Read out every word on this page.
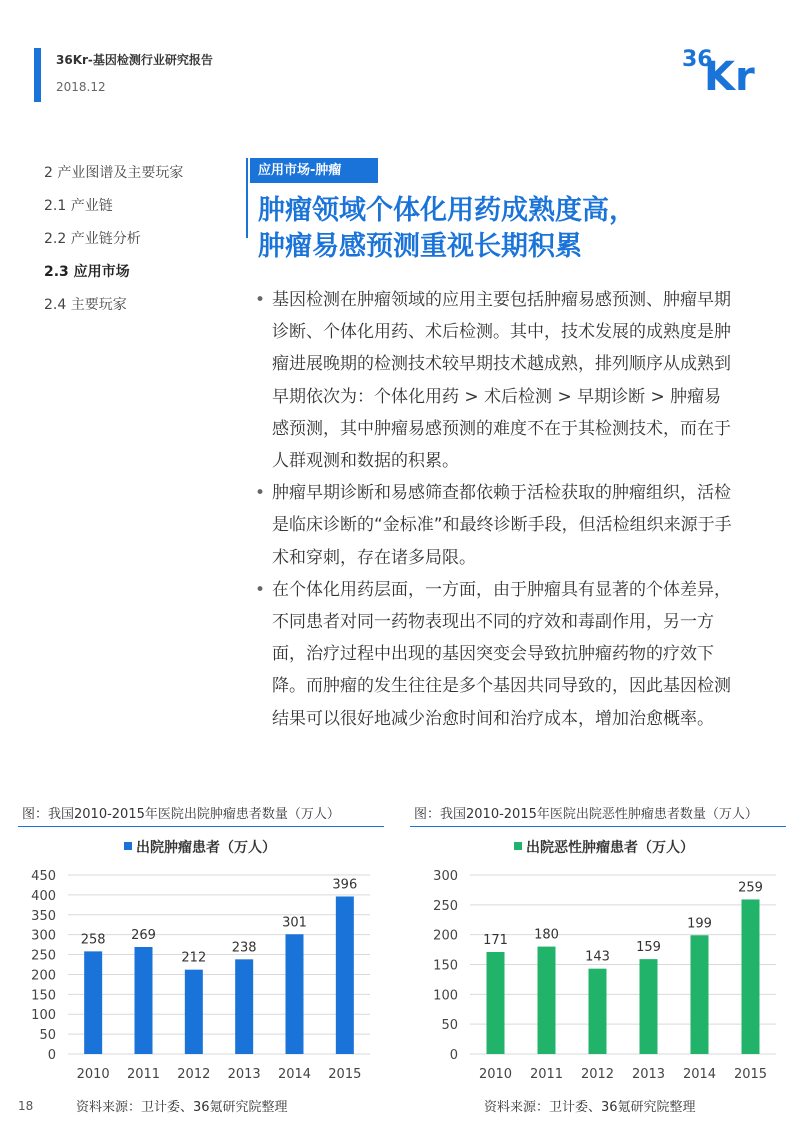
36Kr-基因检测行业研究报告
2018.12
36
Kr
2 产业图谱及主要玩家
2.1 产业链
2.2 产业链分析
2.3 应用市场
2.4 主要玩家
应用市场-肿瘤
肿瘤领域个体化用药成熟度高，
肿瘤易感预测重视长期积累
• 基因检测在肿瘤领域的应用主要包括肿瘤易感预测、肿瘤早期诊断、个体化用药、术后检测。其中，技术发展的成熟度是肿瘤进展晚期的检测技术较早期技术越成熟，排列顺序从成熟到早期依次为：个体化用药 > 术后检测 > 早期诊断 > 肿瘤易感预测，其中肿瘤易感预测的难度不在于其检测技术，而在于人群观测和数据的积累。
• 肿瘤早期诊断和易感筛查都依赖于活检获取的肿瘤组织，活检是临床诊断的“金标准”和最终诊断手段，但活检组织来源于手术和穿刺，存在诸多局限。
• 在个体化用药层面，一方面，由于肿瘤具有显著的个体差异，不同患者对同一药物表现出不同的疗效和毒副作用，另一方面，治疗过程中出现的基因突变会导致抗肿瘤药物的疗效下降。而肿瘤的发生往往是多个基因共同导致的，因此基因检测结果可以很好地减少治愈时间和治疗成本，增加治愈概率。
图：我国2010-2015年医院出院肿瘤患者数量（万人）
0
50
100
150
200
250
300
350
400
450
出院肿瘤患者（万人）
258
2010
269
2011
212
2012
238
2013
301
2014
396
2015
资料来源：卫计委、36氪研究院整理
图：我国2010-2015年医院出院恶性肿瘤患者数量（万人）
0
50
100
150
200
250
300
出院恶性肿瘤患者（万人）
171
2010
180
2011
143
2012
159
2013
199
2014
259
2015
资料来源：卫计委、36氪研究院整理
18
